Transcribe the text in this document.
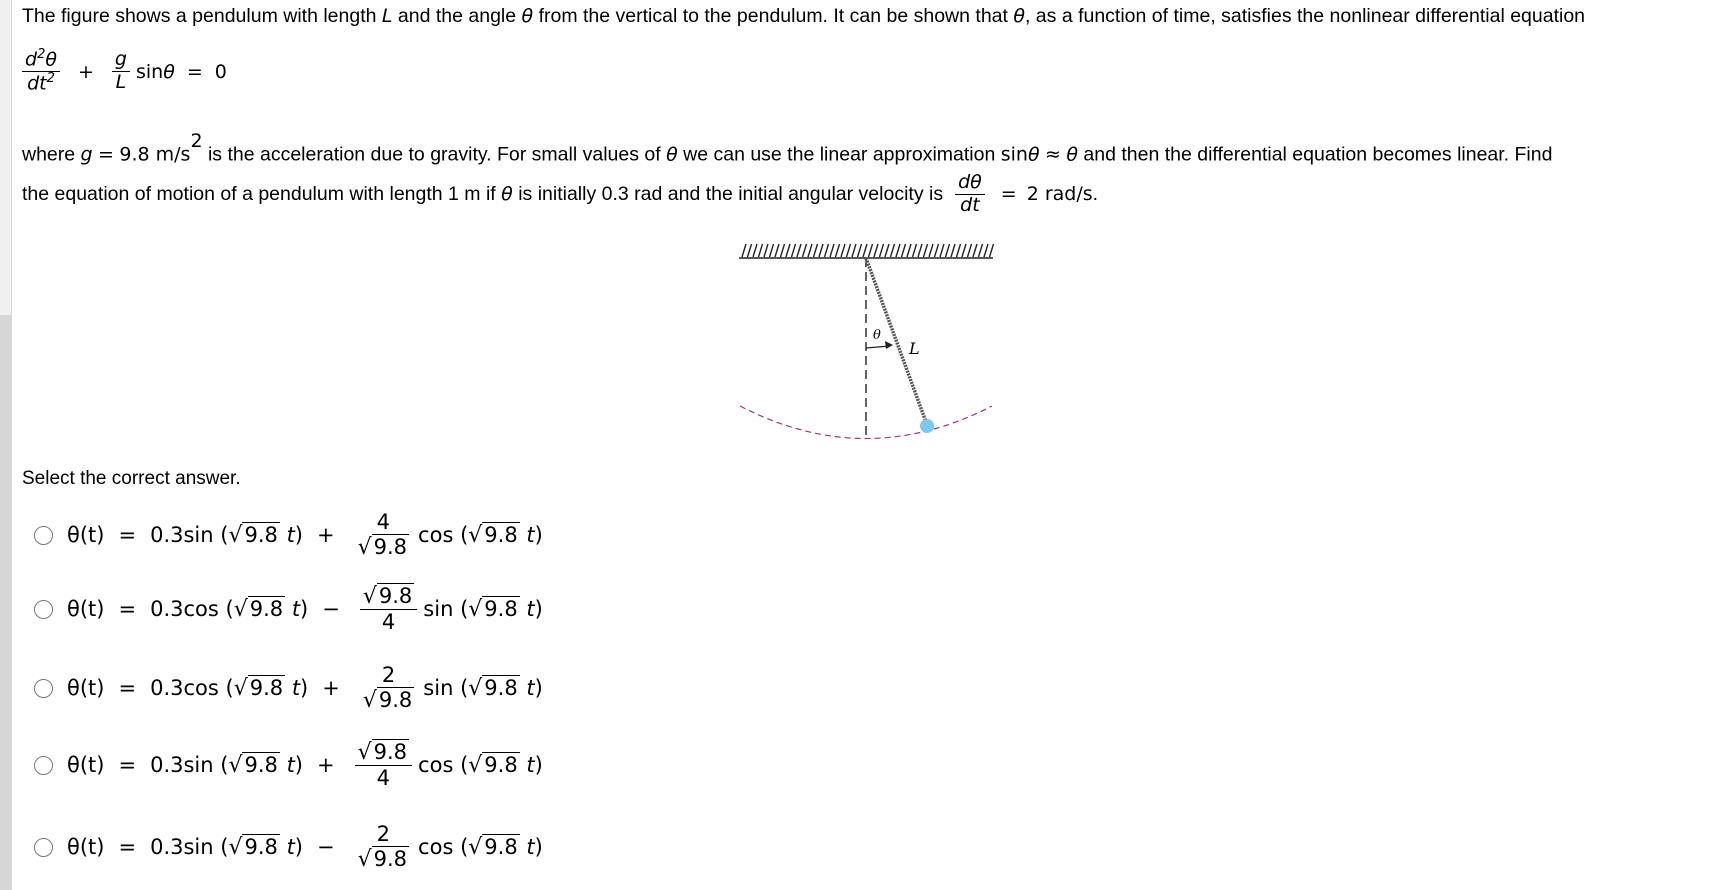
The figure shows a pendulum with length L and the angle θ from the vertical to the pendulum. It can be shown that θ, as a function of time, satisfies the nonlinear differential equation
$\frac{d^2\theta}{dt^2} + \frac{g}{L}$ sin θ = 0
where g = 9.8 $m/s^2$ is the acceleration due to gravity. For small values of θ we can use the linear approximation sinθ ≈ θ and then the differential equation becomes linear. Find
the equation of motion of a pendulum with length 1 m if
θ
is initially 0.3 rad and the initial angular velocity is $\frac{d\theta}{dt} = 2$ rad/s .
θ
L
Select the correct answer.
θ(t) = 0.3sin ( √9.8
t ) + $\frac{4}{√9.8}$ cos ( √9.8
t )
θ(t) = 0.3cos ( √9.8
t ) − $\frac{√9.8}{4}$ sin ( √9.8
t )
θ(t) = 0.3cos ( √9.8
t ) + $\frac{2}{√9.8}$ sin ( √9.8
t )
θ(t) = 0.3sin ( √9.8
t ) + $\frac{√9.8}{4}$ cos ( √9.8
t )
θ(t) = 0.3sin ( √9.8
t ) − $\frac{2}{√9.8}$ cos ( √9.8
t )
